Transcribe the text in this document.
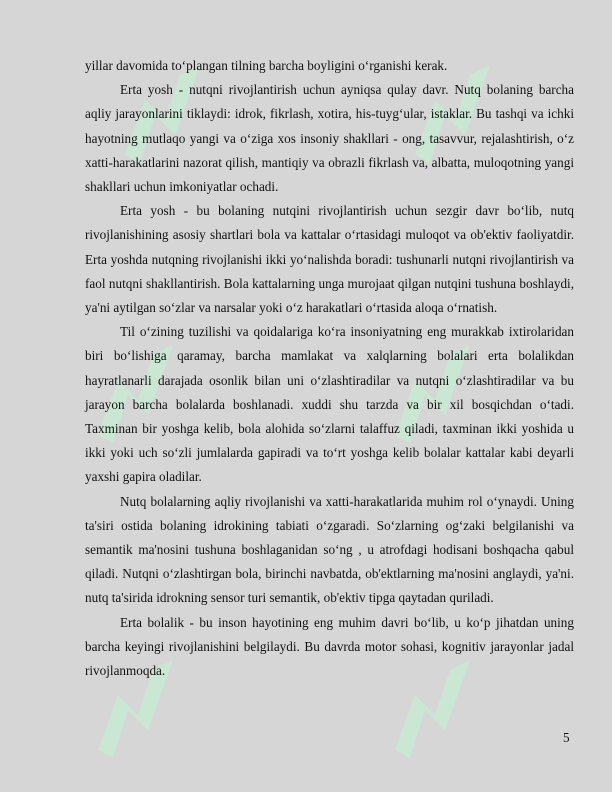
yillar davomida to‘plangan tilning barcha boyligini o‘rganishi kerak.

Erta yosh - nutqni rivojlantirish uchun ayniqsa qulay davr. Nutq bolaning barcha aqliy jarayonlarini tiklaydi: idrok, fikrlash, xotira, his-tuyg‘ular, istaklar. Bu tashqi va ichki hayotning mutlaqo yangi va o‘ziga xos insoniy shakllari - ong, tasavvur, rejalashtirish, o‘z xatti-harakatlarini nazorat qilish, mantiqiy va obrazli fikrlash va, albatta, muloqotning yangi shakllari uchun imkoniyatlar ochadi.

Erta yosh - bu bolaning nutqini rivojlantirish uchun sezgir davr bo‘lib, nutq rivojlanishining asosiy shartlari bola va kattalar o‘rtasidagi muloqot va ob'ektiv faoliyatdir. Erta yoshda nutqning rivojlanishi ikki yo‘nalishda boradi: tushunarli nutqni rivojlantirish va faol nutqni shakllantirish. Bola kattalarning unga murojaat qilgan nutqini tushuna boshlaydi, ya'ni aytilgan so‘zlar va narsalar yoki o‘z harakatlari o‘rtasida aloqa o‘rnatish.

Til o‘zining tuzilishi va qoidalariga ko‘ra insoniyatning eng murakkab ixtirolaridan biri bo‘lishiga qaramay, barcha mamlakat va xalqlarning bolalari erta bolalikdan hayratlanarli darajada osonlik bilan uni o‘zlashtiradilar va nutqni o‘zlashtiradilar va bu jarayon barcha bolalarda boshlanadi. xuddi shu tarzda va bir xil bosqichdan o‘tadi. Taxminan bir yoshga kelib, bola alohida so‘zlarni talaffuz qiladi, taxminan ikki yoshida u ikki yoki uch so‘zli jumlalarda gapiradi va to‘rt yoshga kelib bolalar kattalar kabi deyarli yaxshi gapira oladilar.

Nutq bolalarning aqliy rivojlanishi va xatti-harakatlarida muhim rol o‘ynaydi. Uning ta'siri ostida bolaning idrokining tabiati o‘zgaradi. So‘zlarning og‘zaki belgilanishi va semantik ma'nosini tushuna boshlaganidan so‘ng , u atrofdagi hodisani boshqacha qabul qiladi. Nutqni o‘zlashtirgan bola, birinchi navbatda, ob'ektlarning ma'nosini anglaydi, ya'ni. nutq ta'sirida idrokning sensor turi semantik, ob'ektiv tipga qaytadan quriladi.

Erta bolalik - bu inson hayotining eng muhim davri bo‘lib, u ko‘p jihatdan uning barcha keyingi rivojlanishini belgilaydi. Bu davrda motor sohasi, kognitiv jarayonlar jadal rivojlanmoqda.

5
